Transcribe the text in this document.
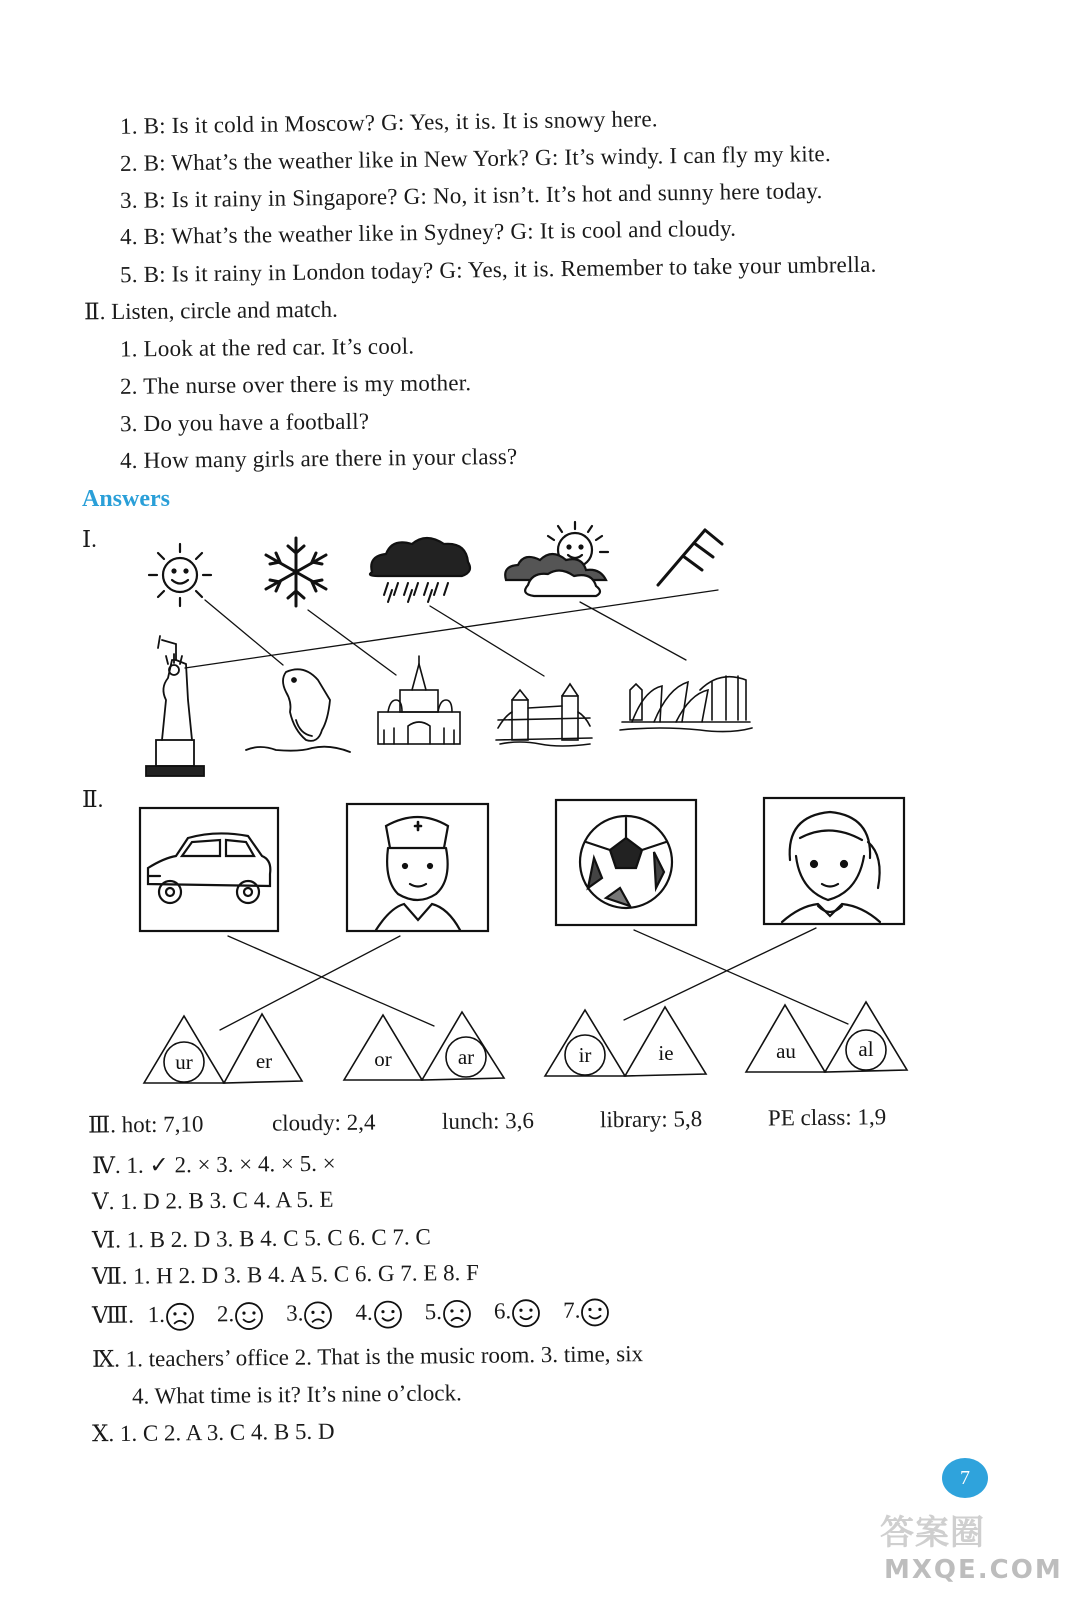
1. B: Is it cold in Moscow? G: Yes, it is. It is snowy here.
2. B: What’s the weather like in New York? G: It’s windy. I can fly my kite.
3. B: Is it rainy in Singapore? G: No, it isn’t. It’s hot and sunny here today.
4. B: What’s the weather like in Sydney? G: It is cool and cloudy.
5. B: Is it rainy in London today? G: Yes, it is. Remember to take your umbrella.
Ⅱ. Listen, circle and match.
1. Look at the red car. It’s cool.
2. The nurse over there is my mother.
3. Do you have a football?
4. How many girls are there in your class?
Answers
Ⅰ.
Ⅱ.
ur	er	or	ar	ir	ie	au	al
Ⅲ. hot: 7,10	cloudy: 2,4	lunch: 3,6	library: 5,8	PE class: 1,9
Ⅳ. 1. ✓ 2. × 3. × 4. × 5. ×
Ⅴ. 1. D 2. B 3. C 4. A 5. E
Ⅵ. 1. B 2. D 3. B 4. C 5. C 6. C 7. C
Ⅶ. 1. H 2. D 3. B 4. A 5. C 6. G 7. E 8. F
Ⅷ. 1. 2. 3. 4. 5. 6. 7.
Ⅸ. 1. teachers’ office 2. That is the music room. 3. time, six
4. What time is it? It’s nine o’clock.
Ⅹ. 1. C 2. A 3. C 4. B 5. D
7
答案圈
MXQE.COM
